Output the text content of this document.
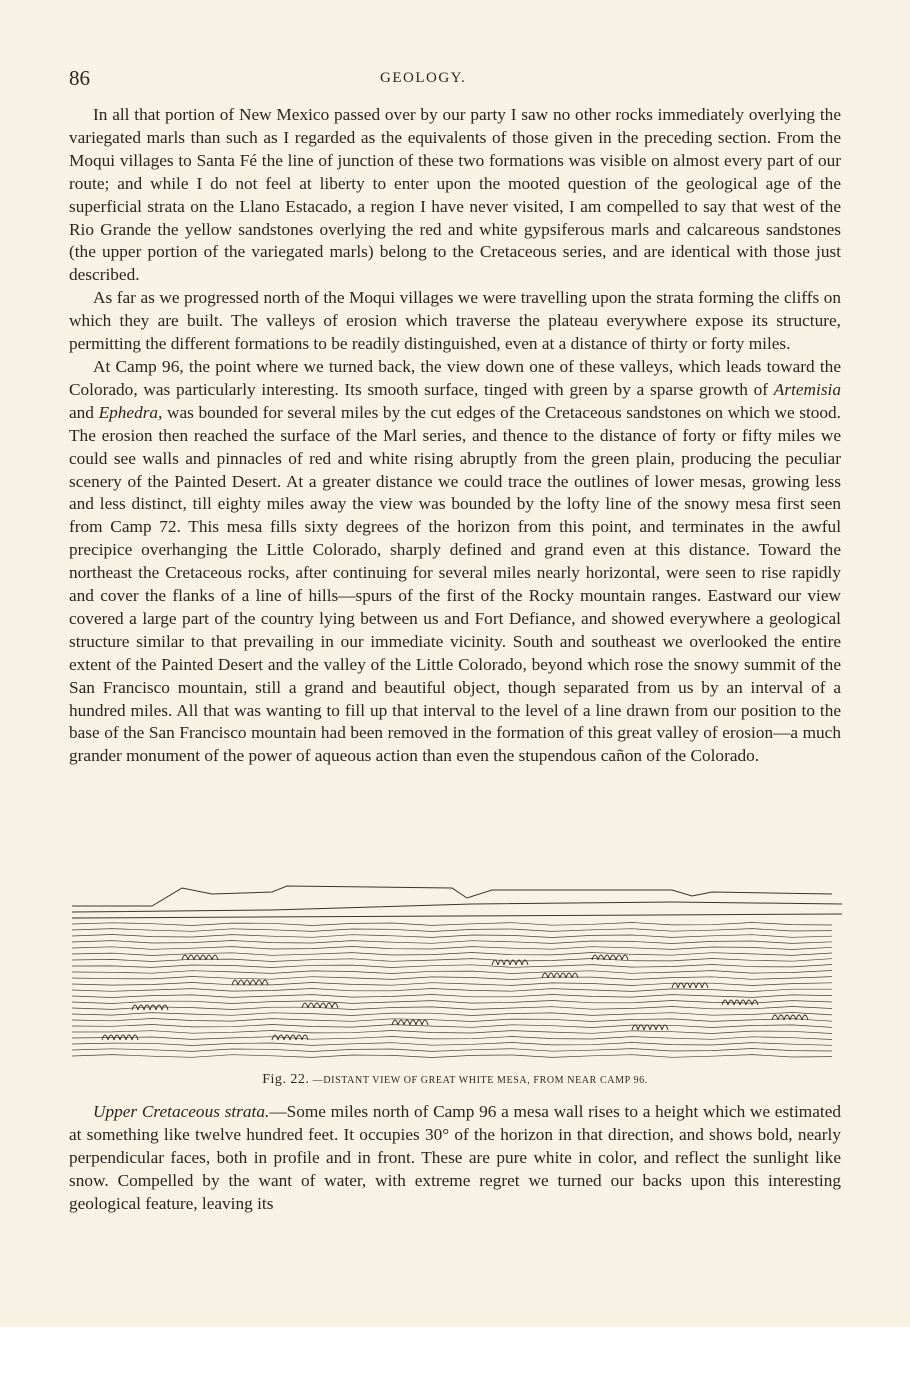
86	GEOLOGY.

In all that portion of New Mexico passed over by our party I saw no other rocks immediately overlying the variegated marls than such as I regarded as the equivalents of those given in the preceding section. From the Moqui villages to Santa Fé the line of junction of these two formations was visible on almost every part of our route; and while I do not feel at liberty to enter upon the mooted question of the geological age of the superficial strata on the Llano Estacado, a region I have never visited, I am compelled to say that west of the Rio Grande the yellow sandstones overlying the red and white gypsiferous marls and calcareous sandstones (the upper portion of the variegated marls) belong to the Cretaceous series, and are identical with those just described.

As far as we progressed north of the Moqui villages we were travelling upon the strata forming the cliffs on which they are built. The valleys of erosion which traverse the plateau everywhere expose its structure, permitting the different formations to be readily distinguished, even at a distance of thirty or forty miles.

At Camp 96, the point where we turned back, the view down one of these valleys, which leads toward the Colorado, was particularly interesting. Its smooth surface, tinged with green by a sparse growth of Artemisia and Ephedra, was bounded for several miles by the cut edges of the Cretaceous sandstones on which we stood. The erosion then reached the surface of the Marl series, and thence to the distance of forty or fifty miles we could see walls and pinnacles of red and white rising abruptly from the green plain, producing the peculiar scenery of the Painted Desert. At a greater distance we could trace the outlines of lower mesas, growing less and less distinct, till eighty miles away the view was bounded by the lofty line of the snowy mesa first seen from Camp 72. This mesa fills sixty degrees of the horizon from this point, and terminates in the awful precipice overhanging the Little Colorado, sharply defined and grand even at this distance. Toward the northeast the Cretaceous rocks, after continuing for several miles nearly horizontal, were seen to rise rapidly and cover the flanks of a line of hills—spurs of the first of the Rocky mountain ranges. Eastward our view covered a large part of the country lying between us and Fort Defiance, and showed everywhere a geological structure similar to that prevailing in our immediate vicinity. South and southeast we overlooked the entire extent of the Painted Desert and the valley of the Little Colorado, beyond which rose the snowy summit of the San Francisco mountain, still a grand and beautiful object, though separated from us by an interval of a hundred miles. All that was wanting to fill up that interval to the level of a line drawn from our position to the base of the San Francisco mountain had been removed in the formation of this great valley of erosion—a much grander monument of the power of aqueous action than even the stupendous cañon of the Colorado.

Fig. 22. —DISTANT VIEW OF GREAT WHITE MESA, FROM NEAR CAMP 96.

Upper Cretaceous strata.—Some miles north of Camp 96 a mesa wall rises to a height which we estimated at something like twelve hundred feet. It occupies 30° of the horizon in that direction, and shows bold, nearly perpendicular faces, both in profile and in front. These are pure white in color, and reflect the sunlight like snow. Compelled by the want of water, with extreme regret we turned our backs upon this interesting geological feature, leaving its
